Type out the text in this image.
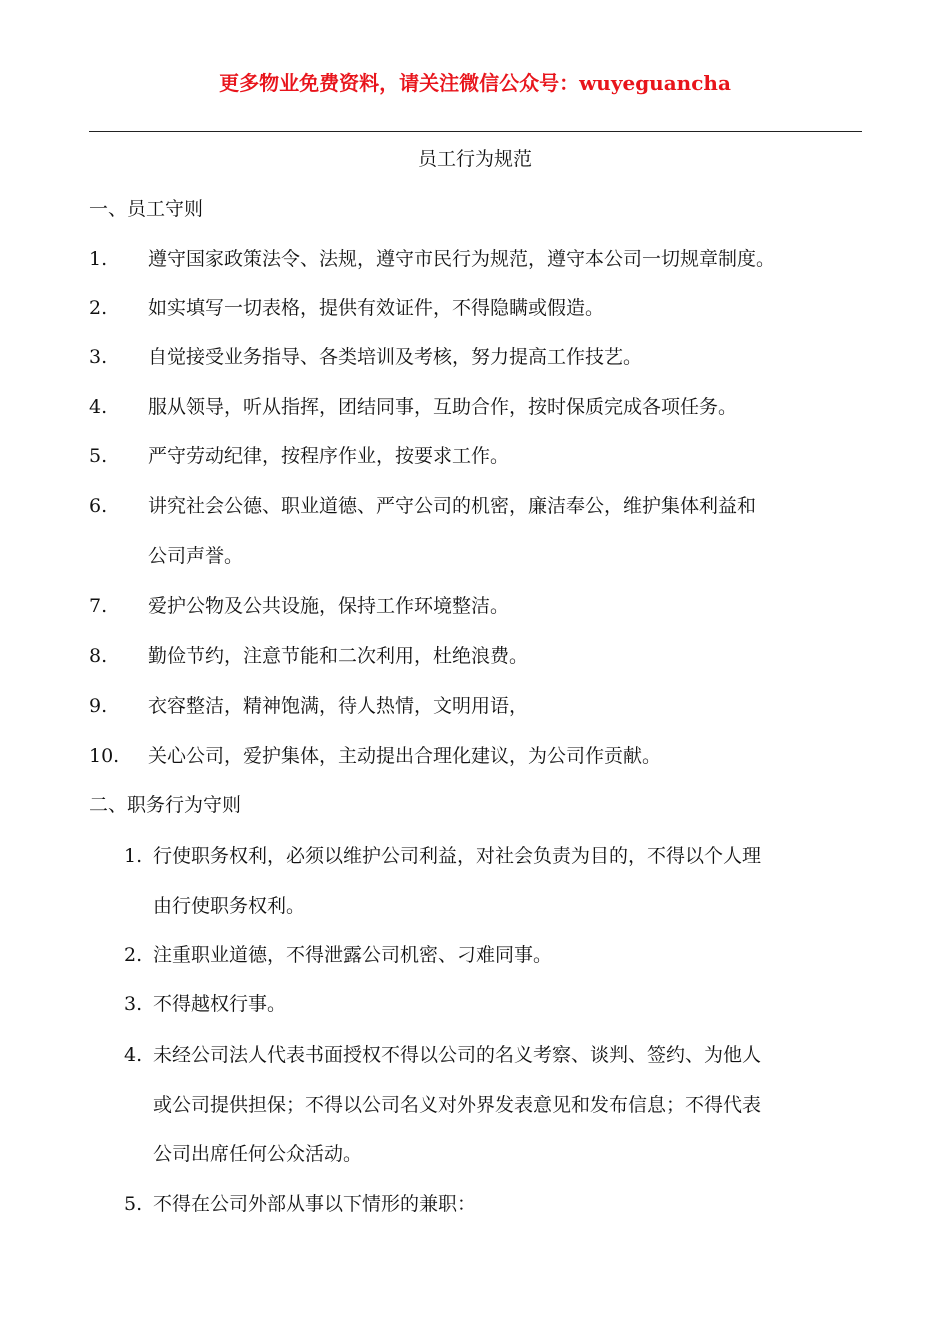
更多物业免费资料，请关注微信公众号：wuyeguancha
员工行为规范
一、员工守则
1. 遵守国家政策法令、法规，遵守市民行为规范，遵守本公司一切规章制度。
2. 如实填写一切表格，提供有效证件，不得隐瞒或假造。
3. 自觉接受业务指导、各类培训及考核，努力提高工作技艺。
4. 服从领导，听从指挥，团结同事，互助合作，按时保质完成各项任务。
5. 严守劳动纪律，按程序作业，按要求工作。
6. 讲究社会公德、职业道德、严守公司的机密，廉洁奉公，维护集体利益和
公司声誉。
7. 爱护公物及公共设施，保持工作环境整洁。
8. 勤俭节约，注意节能和二次利用，杜绝浪费。
9. 衣容整洁，精神饱满，待人热情，文明用语，
10. 关心公司，爱护集体，主动提出合理化建议，为公司作贡献。
二、职务行为守则
1. 行使职务权利，必须以维护公司利益，对社会负责为目的，不得以个人理
由行使职务权利。
2. 注重职业道德，不得泄露公司机密、刁难同事。
3. 不得越权行事。
4. 未经公司法人代表书面授权不得以公司的名义考察、谈判、签约、为他人
或公司提供担保；不得以公司名义对外界发表意见和发布信息；不得代表
公司出席任何公众活动。
5. 不得在公司外部从事以下情形的兼职：
